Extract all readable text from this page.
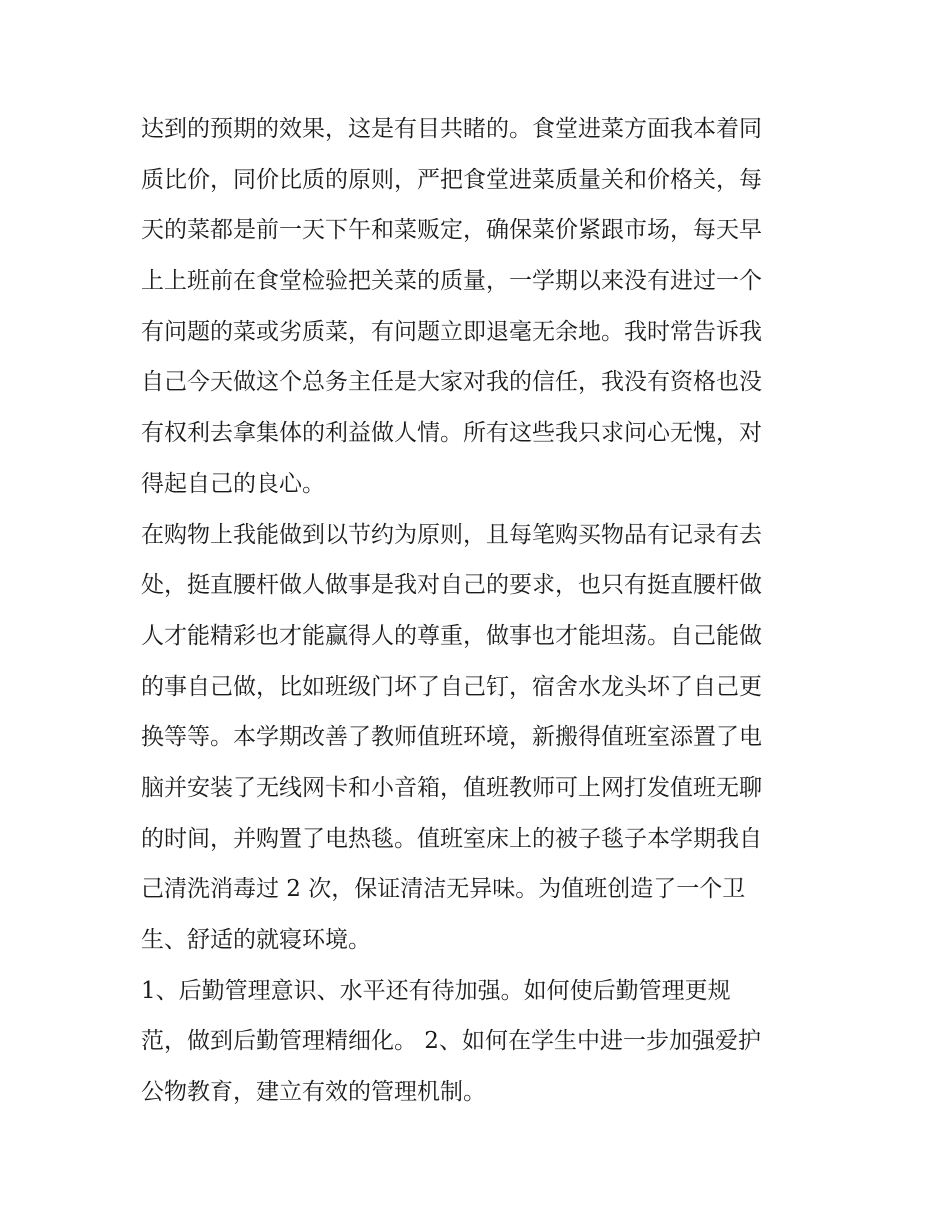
达到的预期的效果，这是有目共睹的。食堂进菜方面我本着同

质比价，同价比质的原则，严把食堂进菜质量关和价格关，每

天的菜都是前一天下午和菜贩定，确保菜价紧跟市场，每天早

上上班前在食堂检验把关菜的质量，一学期以来没有进过一个

有问题的菜或劣质菜，有问题立即退毫无余地。我时常告诉我

自己今天做这个总务主任是大家对我的信任，我没有资格也没

有权利去拿集体的利益做人情。所有这些我只求问心无愧，对

得起自己的良心。

在购物上我能做到以节约为原则，且每笔购买物品有记录有去

处，挺直腰杆做人做事是我对自己的要求，也只有挺直腰杆做

人才能精彩也才能赢得人的尊重，做事也才能坦荡。自己能做

的事自己做，比如班级门坏了自己钉，宿舍水龙头坏了自己更

换等等。本学期改善了教师值班环境，新搬得值班室添置了电

脑并安装了无线网卡和小音箱，值班教师可上网打发值班无聊

的时间，并购置了电热毯。值班室床上的被子毯子本学期我自

己清洗消毒过 2 次，保证清洁无异味。为值班创造了一个卫

生、舒适的就寝环境。

1、后勤管理意识、水平还有待加强。如何使后勤管理更规

范，做到后勤管理精细化。 2、如何在学生中进一步加强爱护

公物教育，建立有效的管理机制。
